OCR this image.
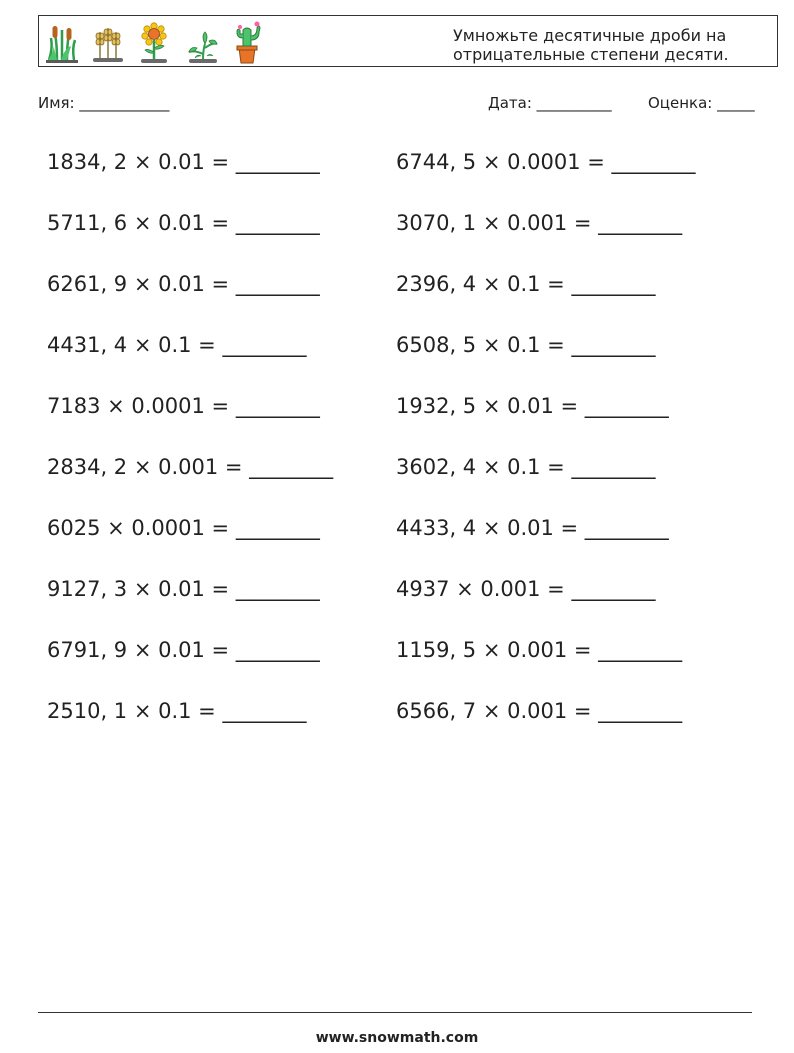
Умножьте десятичные дроби на
отрицательные степени десяти.
Имя: ____________	Дата: __________ Оценка: _____
1834, 2 × 0.01 = ________
5711, 6 × 0.01 = ________
6261, 9 × 0.01 = ________
4431, 4 × 0.1 = ________
7183 × 0.0001 = ________
2834, 2 × 0.001 = ________
6025 × 0.0001 = ________
9127, 3 × 0.01 = ________
6791, 9 × 0.01 = ________
2510, 1 × 0.1 = ________
6744, 5 × 0.0001 = ________
3070, 1 × 0.001 = ________
2396, 4 × 0.1 = ________
6508, 5 × 0.1 = ________
1932, 5 × 0.01 = ________
3602, 4 × 0.1 = ________
4433, 4 × 0.01 = ________
4937 × 0.001 = ________
1159, 5 × 0.001 = ________
6566, 7 × 0.001 = ________
www.snowmath.com
